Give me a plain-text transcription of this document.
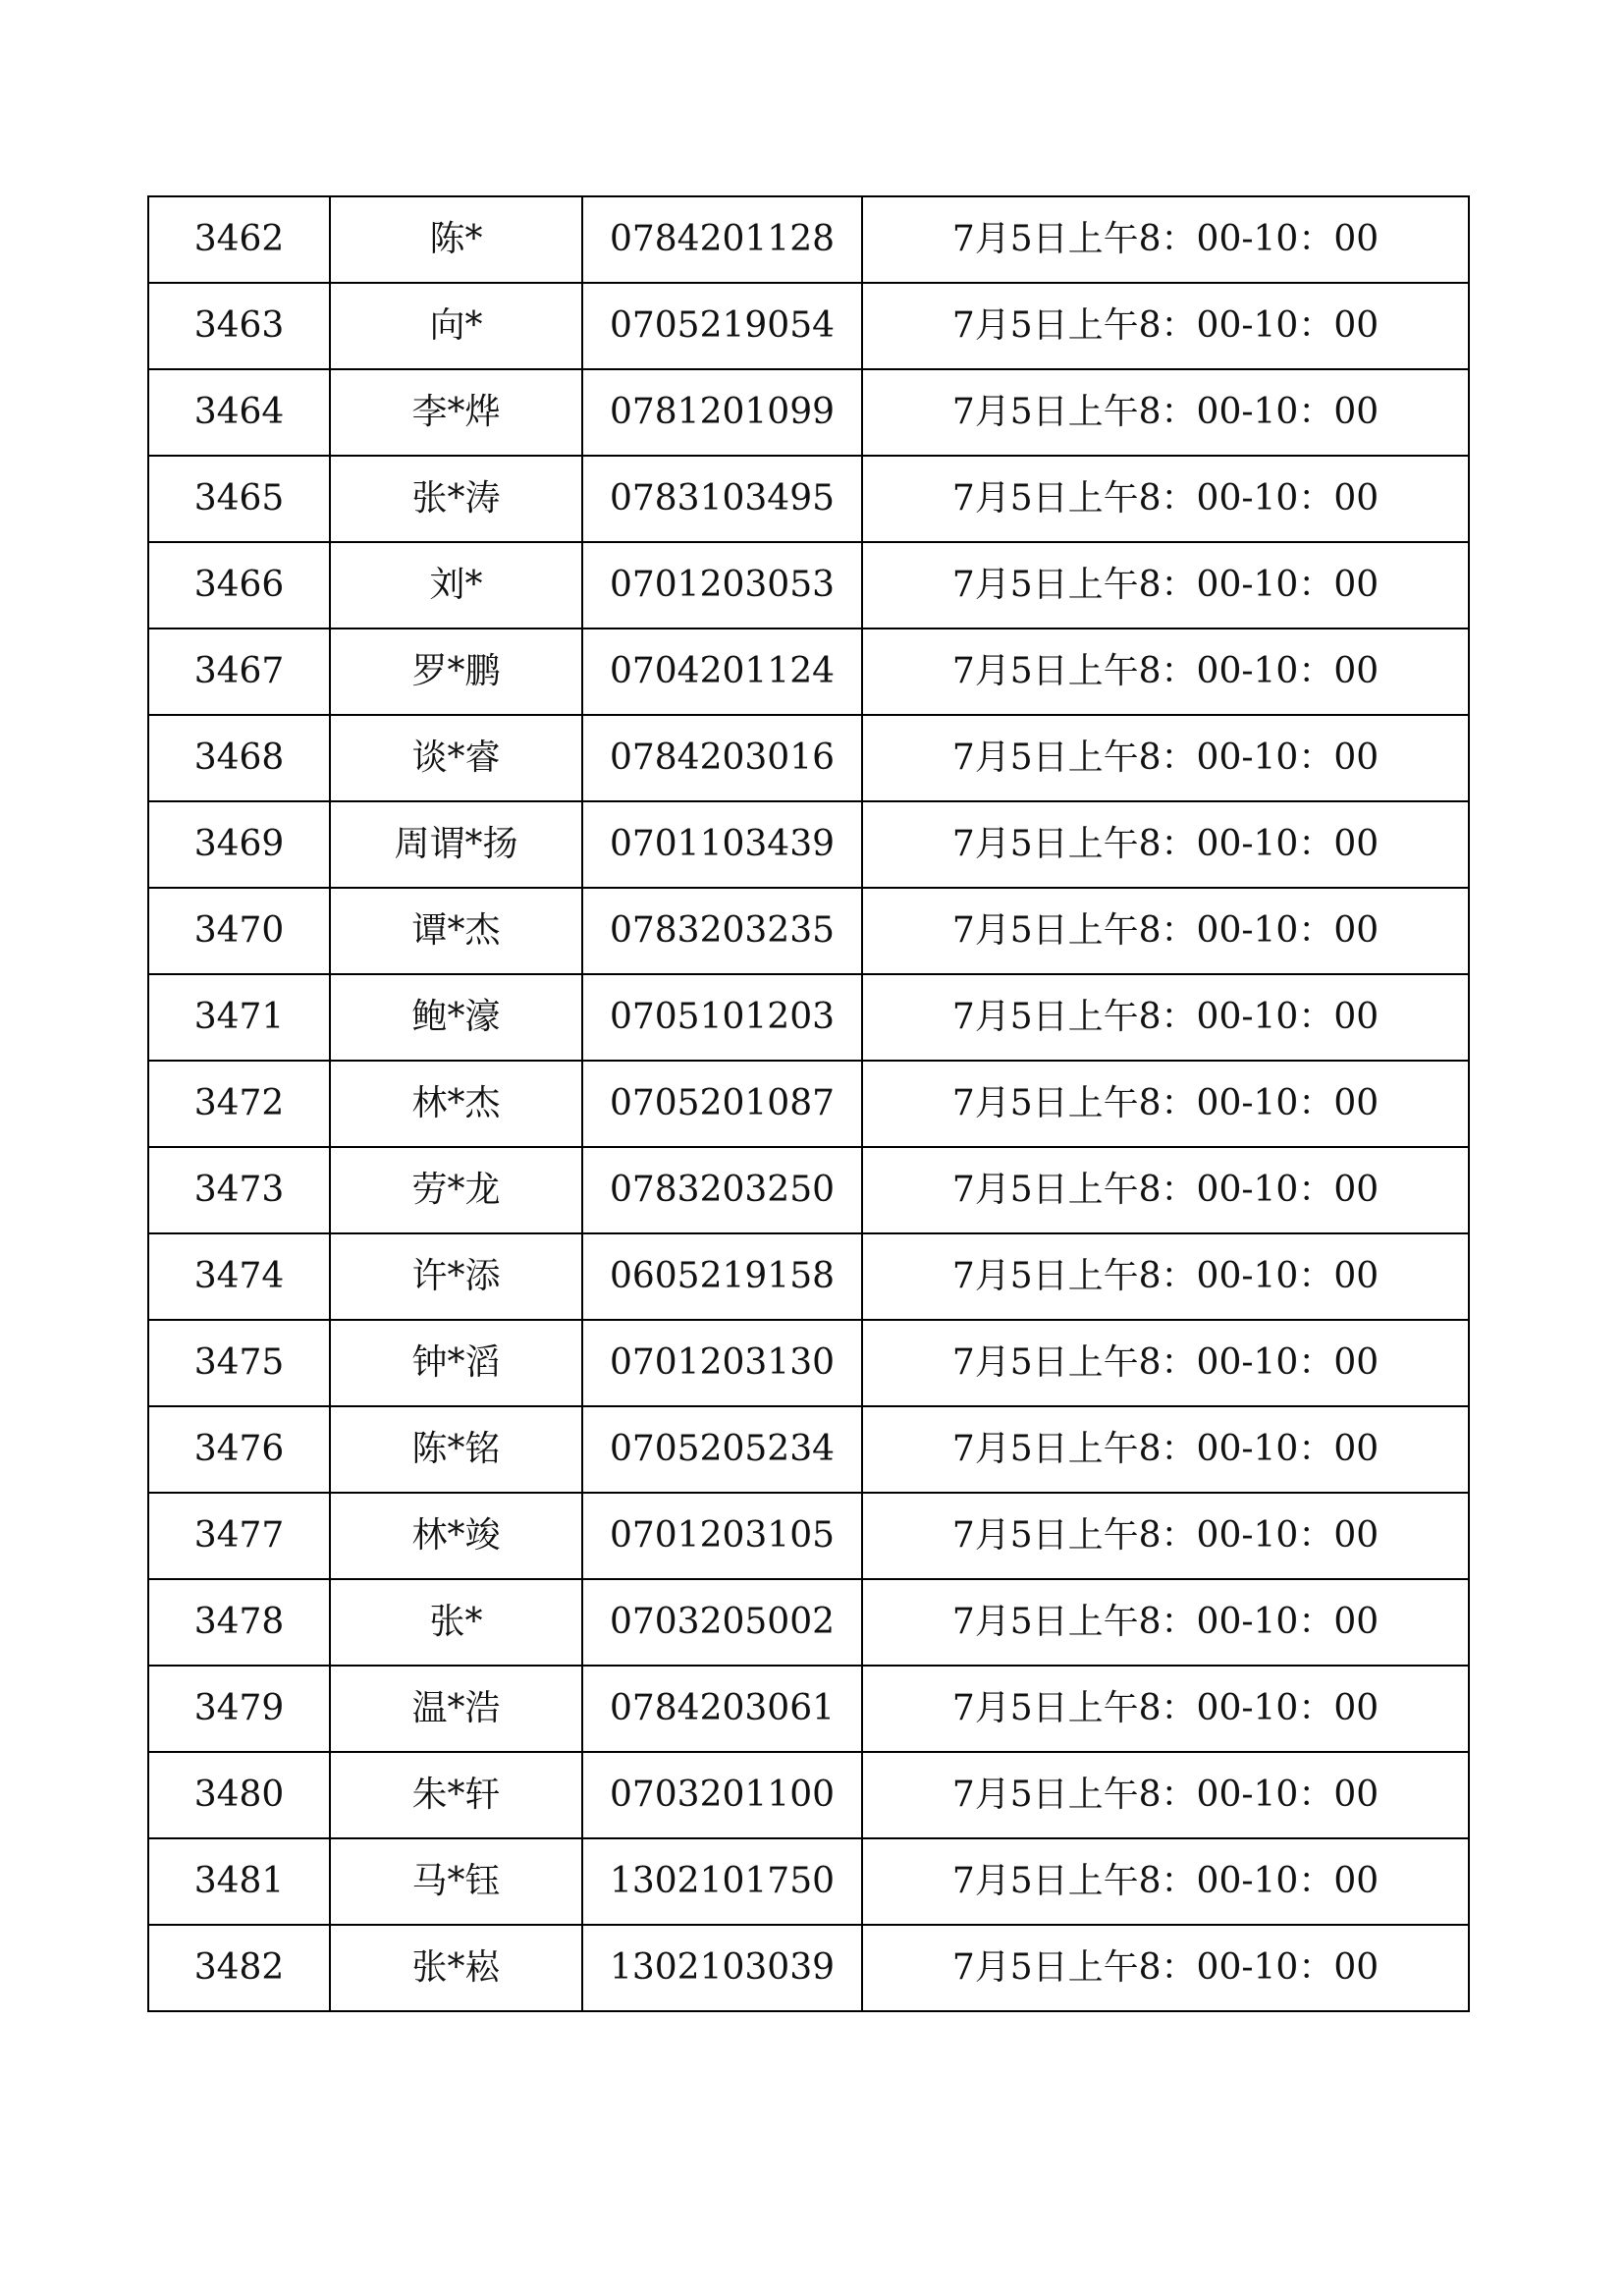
3462	陈*	0784201128	7月5日上午8：00-10：00
3463	向*	0705219054	7月5日上午8：00-10：00
3464	李*烨	0781201099	7月5日上午8：00-10：00
3465	张*涛	0783103495	7月5日上午8：00-10：00
3466	刘*	0701203053	7月5日上午8：00-10：00
3467	罗*鹏	0704201124	7月5日上午8：00-10：00
3468	谈*睿	0784203016	7月5日上午8：00-10：00
3469	周谓*扬	0701103439	7月5日上午8：00-10：00
3470	谭*杰	0783203235	7月5日上午8：00-10：00
3471	鲍*濠	0705101203	7月5日上午8：00-10：00
3472	林*杰	0705201087	7月5日上午8：00-10：00
3473	劳*龙	0783203250	7月5日上午8：00-10：00
3474	许*添	0605219158	7月5日上午8：00-10：00
3475	钟*滔	0701203130	7月5日上午8：00-10：00
3476	陈*铭	0705205234	7月5日上午8：00-10：00
3477	林*竣	0701203105	7月5日上午8：00-10：00
3478	张*	0703205002	7月5日上午8：00-10：00
3479	温*浩	0784203061	7月5日上午8：00-10：00
3480	朱*轩	0703201100	7月5日上午8：00-10：00
3481	马*钰	1302101750	7月5日上午8：00-10：00
3482	张*崧	1302103039	7月5日上午8：00-10：00
